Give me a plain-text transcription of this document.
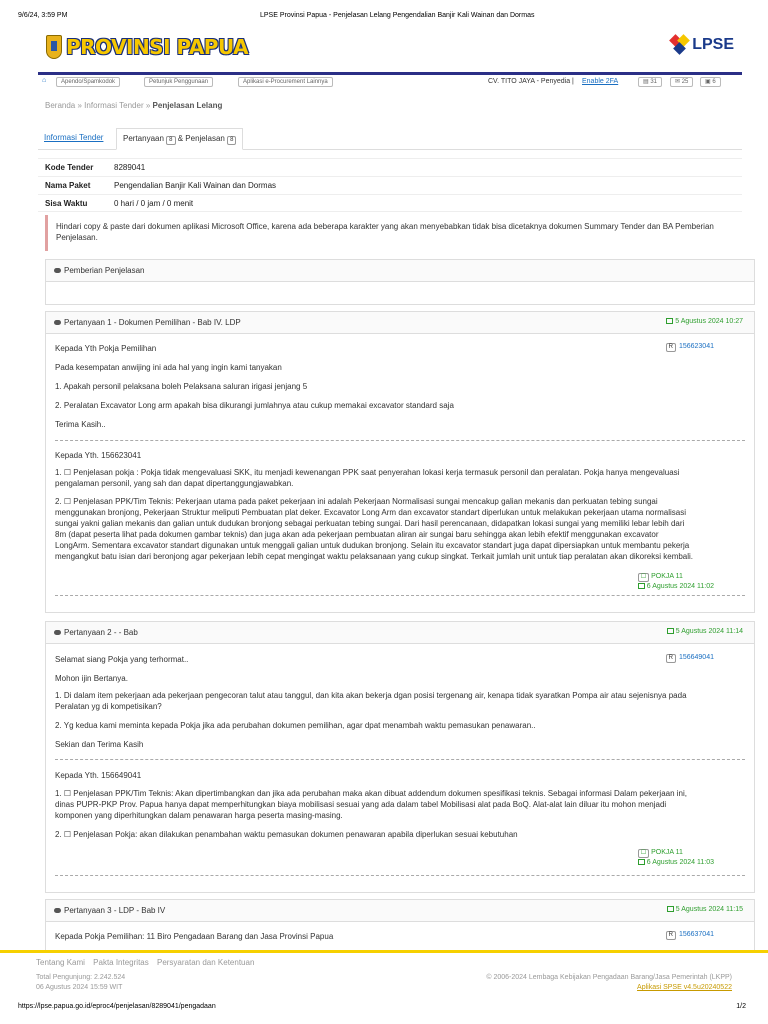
9/6/24, 3:59 PM	LPSE Provinsi Papua - Penjelasan Lelang Pengendalian Banjir Kali Wainan dan Dormas
PROVINSI PAPUA	LPSE
⌂	Apendo/Spamkodok	Petunjuk Penggunaan	Aplikasi e-Procurement Lainnya	CV. TITO JAYA - Penyedia | Enable 2FA	▤ 31	✉ 25	▣ 6
Beranda » Informasi Tender » Penjelasan Lelang
Informasi Tender	Pertanyaan 8 & Penjelasan 8
Kode Tender	8289041
Nama Paket	Pengendalian Banjir Kali Wainan dan Dormas
Sisa Waktu	0 hari / 0 jam / 0 menit
Hindari copy & paste dari dokumen aplikasi Microsoft Office, karena ada beberapa karakter yang akan menyebabkan tidak bisa dicetaknya dokumen Summary Tender dan BA Pemberian Penjelasan.
Pemberian Penjelasan
Pertanyaan 1 - Dokumen Pemilihan - Bab IV. LDP	5 Agustus 2024 10:27
R 156623041
Kepada Yth Pokja Pemilihan
Pada kesempatan anwijing ini ada hal yang ingin kami tanyakan
1. Apakah personil pelaksana boleh Pelaksana saluran irigasi jenjang 5
2. Peralatan Excavator Long arm apakah bisa dikurangi jumlahnya atau cukup memakai excavator standard saja
Terima Kasih..
Kepada Yth. 156623041
1. ☐ Penjelasan pokja : Pokja tidak mengevaluasi SKK, itu menjadi kewenangan PPK saat penyerahan lokasi kerja termasuk personil dan peralatan. Pokja hanya mengevaluasi pengalaman personil, yang sah dan dapat dipertanggungjawabkan.
2. ☐ Penjelasan PPK/Tim Teknis: Pekerjaan utama pada paket pekerjaan ini adalah Pekerjaan Normalisasi sungai mencakup galian mekanis dan perkuatan tebing sungai menggunakan bronjong, Pekerjaan Struktur meliputi Pembuatan plat deker. Excavator Long Arm dan excavator standart diperlukan untuk melakukan pekerjaan utama normalisasi sungai yakni galian mekanis dan galian untuk dudukan bronjong sebagai perkuatan tebing sungai. Dari hasil perencanaan, didapatkan lokasi sungai yang memiliki lebar lebih dari 8m (dapat peserta lihat pada dokumen gambar teknis) dan juga akan ada pekerjaan pembuatan aliran air sungai baru sehingga akan lebih efektif menggunakan excavator LongArm. Sementara excavator standart digunakan untuk menggali galian untuk dudukan bronjong. Selain itu excavator standart juga dapat dipersiapkan untuk membantu pekerja mengangkut batu isian dari beronjong agar pekerjaan lebih cepat mengingat waktu pelaksanaan yang cukup singkat. Terkait jumlah unit untuk tiap peralatan akan dikoreksi kembali.
☐ POKJA 11
6 Agustus 2024 11:02
Pertanyaan 2 - - Bab	5 Agustus 2024 11:14
R 156649041
Selamat siang Pokja yang terhormat..
Mohon ijin Bertanya.
1. Di dalam item pekerjaan ada pekerjaan pengecoran talut atau tanggul, dan kita akan bekerja dgan posisi tergenang air, kenapa tidak syaratkan Pompa air atau sejenisnya pada Peralatan yg di kompetisikan?
2. Yg kedua kami meminta kepada Pokja jika ada perubahan dokumen pemilihan, agar dpat menambah waktu pemasukan penawaran..
Sekian dan Terima Kasih
Kepada Yth. 156649041
1. ☐ Penjelasan PPK/Tim Teknis: Akan dipertimbangkan dan jika ada perubahan maka akan dibuat addendum dokumen spesifikasi teknis. Sebagai informasi Dalam pekerjaan ini, dinas PUPR-PKP Prov. Papua hanya dapat memperhitungkan biaya mobilisasi sesuai yang ada dalam tabel Mobilisasi alat pada BoQ. Alat-alat lain diluar itu mohon menjadi komponen yang diperhitungkan dalam penawaran harga peserta masing-masing.
2. ☐ Penjelasan Pokja: akan dilakukan penambahan waktu pemasukan dokumen penawaran apabila diperlukan sesuai kebutuhan
☐ POKJA 11
6 Agustus 2024 11:03
Pertanyaan 3 - LDP - Bab IV	5 Agustus 2024 11:15
R 156637041
Kepada Pokja Pemilihan: 11 Biro Pengadaan Barang dan Jasa Provinsi Papua
Tentang Kami Pakta Integritas Persyaratan dan Ketentuan
Total Pengunjung: 2.242.524
06 Agustus 2024 15:59 WIT
© 2006-2024 Lembaga Kebijakan Pengadaan Barang/Jasa Pemerintah (LKPP)
Aplikasi SPSE v4.5u20240522
https://lpse.papua.go.id/eproc4/penjelasan/8289041/pengadaan	1/2
